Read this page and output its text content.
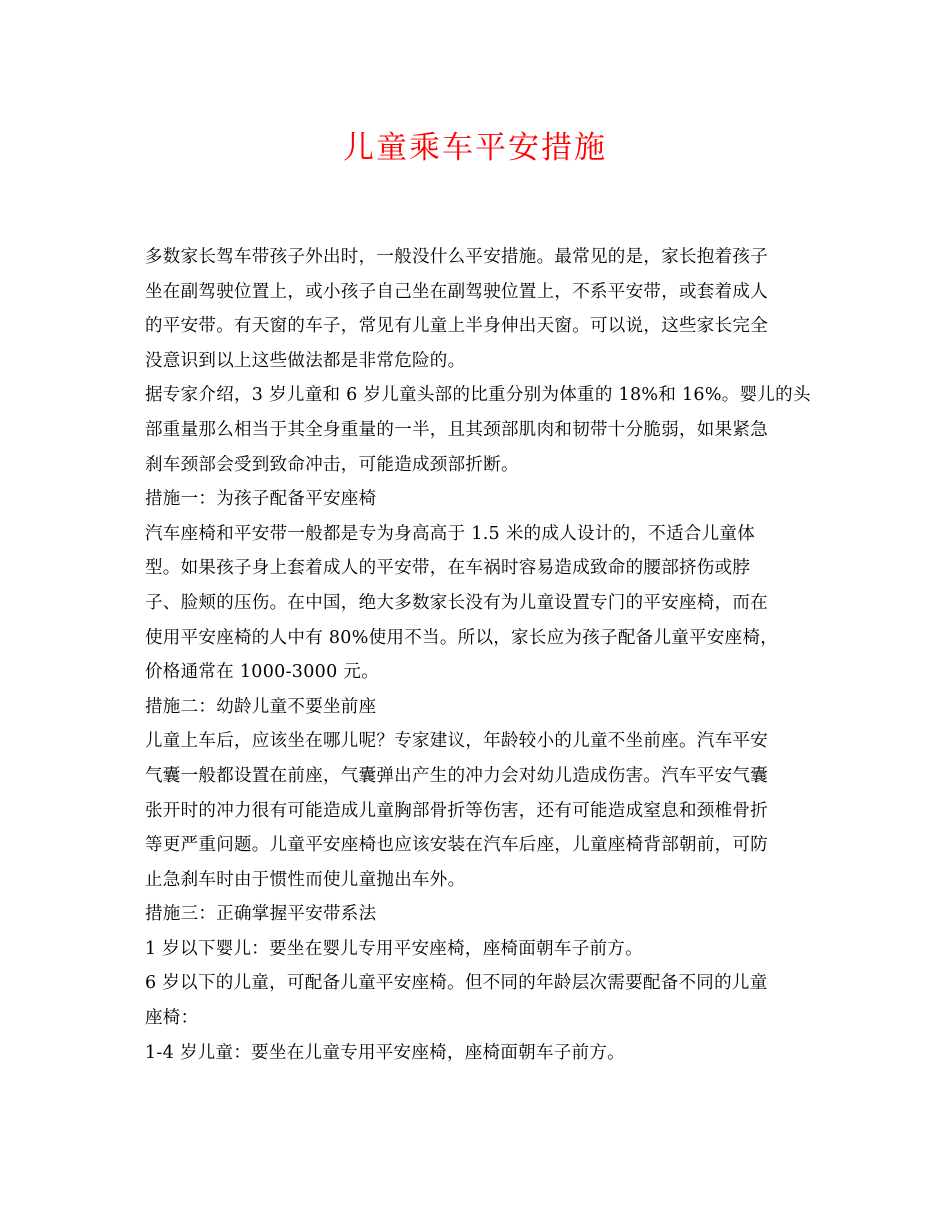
儿童乘车平安措施
多数家长驾车带孩子外出时，一般没什么平安措施。最常见的是，家长抱着孩子
坐在副驾驶位置上，或小孩子自己坐在副驾驶位置上，不系平安带，或套着成人
的平安带。有天窗的车子，常见有儿童上半身伸出天窗。可以说，这些家长完全
没意识到以上这些做法都是非常危险的。
据专家介绍，3 岁儿童和 6 岁儿童头部的比重分别为体重的 18%和 16%。婴儿的头
部重量那么相当于其全身重量的一半，且其颈部肌肉和韧带十分脆弱，如果紧急
刹车颈部会受到致命冲击，可能造成颈部折断。
措施一：为孩子配备平安座椅
汽车座椅和平安带一般都是专为身高高于 1.5 米的成人设计的，不适合儿童体
型。如果孩子身上套着成人的平安带，在车祸时容易造成致命的腰部挤伤或脖
子、脸颊的压伤。在中国，绝大多数家长没有为儿童设置专门的平安座椅，而在
使用平安座椅的人中有 80%使用不当。所以，家长应为孩子配备儿童平安座椅，
价格通常在 1000-3000 元。
措施二：幼龄儿童不要坐前座
儿童上车后，应该坐在哪儿呢？专家建议，年龄较小的儿童不坐前座。汽车平安
气囊一般都设置在前座，气囊弹出产生的冲力会对幼儿造成伤害。汽车平安气囊
张开时的冲力很有可能造成儿童胸部骨折等伤害，还有可能造成窒息和颈椎骨折
等更严重问题。儿童平安座椅也应该安装在汽车后座，儿童座椅背部朝前，可防
止急刹车时由于惯性而使儿童抛出车外。
措施三：正确掌握平安带系法
1 岁以下婴儿：要坐在婴儿专用平安座椅，座椅面朝车子前方。
6 岁以下的儿童，可配备儿童平安座椅。但不同的年龄层次需要配备不同的儿童
座椅：
1-4 岁儿童：要坐在儿童专用平安座椅，座椅面朝车子前方。
